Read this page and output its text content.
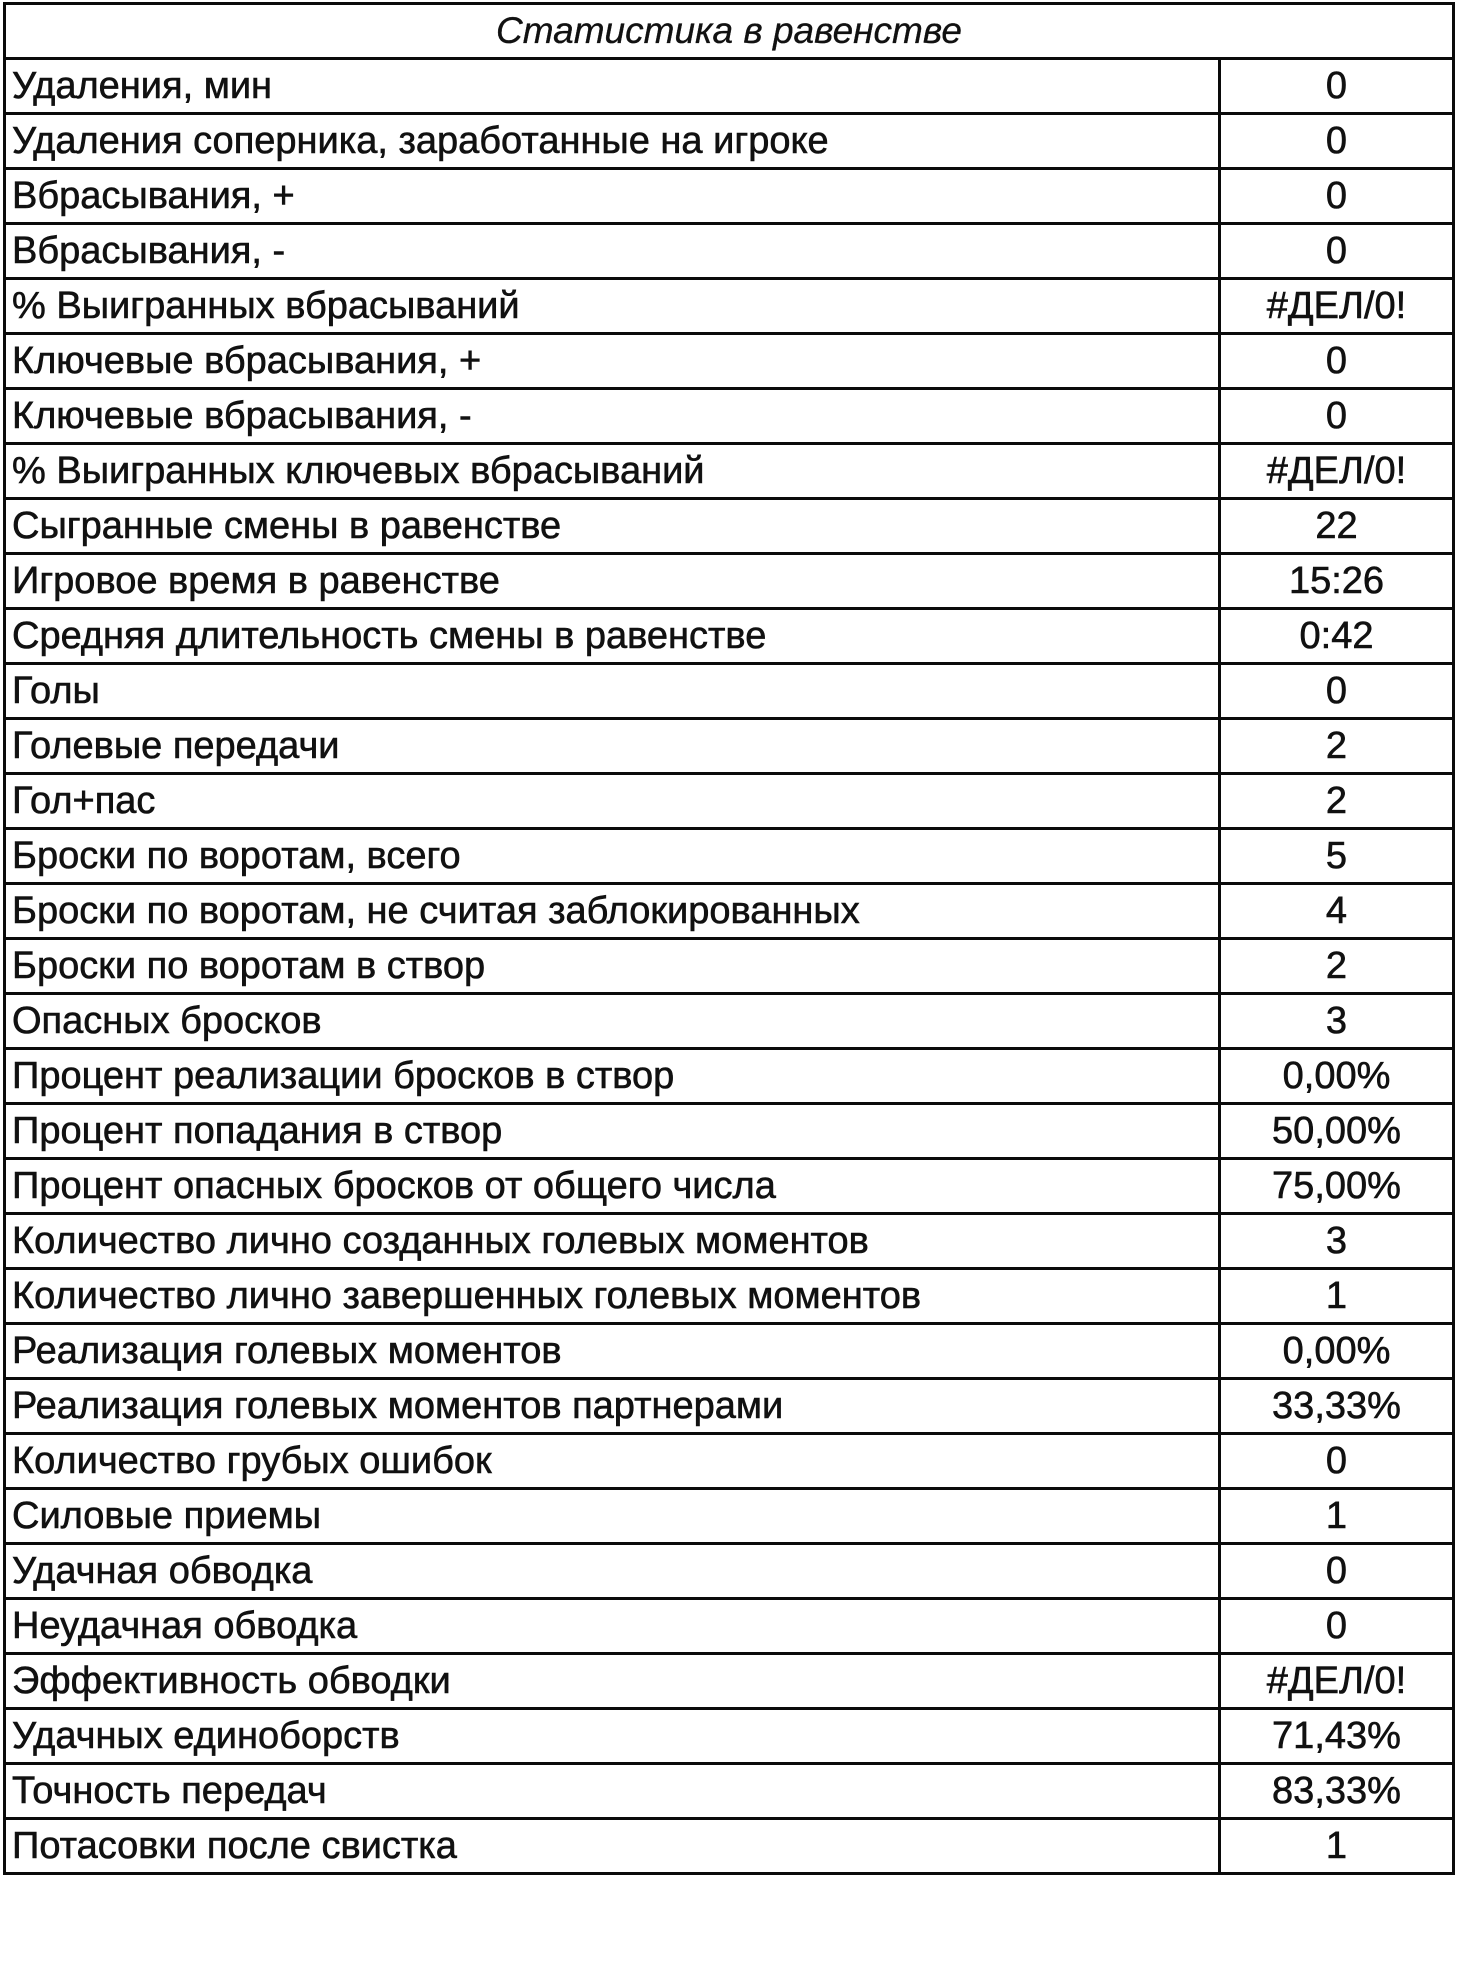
Статистика в равенстве	
Удаления, мин	0
Удаления соперника, заработанные на игроке	0
Вбрасывания, +	0
Вбрасывания, -	0
% Выигранных вбрасываний	#ДЕЛ/0!
Ключевые вбрасывания, +	0
Ключевые вбрасывания, -	0
% Выигранных ключевых вбрасываний	#ДЕЛ/0!
Сыгранные смены в равенстве	22
Игровое время в равенстве	15:26
Средняя длительность смены в равенстве	0:42
Голы	0
Голевые передачи	2
Гол+пас	2
Броски по воротам, всего	5
Броски по воротам, не считая заблокированных	4
Броски по воротам в створ	2
Опасных бросков	3
Процент реализации бросков в створ	0,00%
Процент попадания в створ	50,00%
Процент опасных бросков от общего числа	75,00%
Количество лично созданных голевых моментов	3
Количество лично завершенных голевых моментов	1
Реализация голевых моментов	0,00%
Реализация голевых моментов партнерами	33,33%
Количество грубых ошибок	0
Силовые приемы	1
Удачная обводка	0
Неудачная обводка	0
Эффективность обводки	#ДЕЛ/0!
Удачных единоборств	71,43%
Точность передач	83,33%
Потасовки после свистка	1
